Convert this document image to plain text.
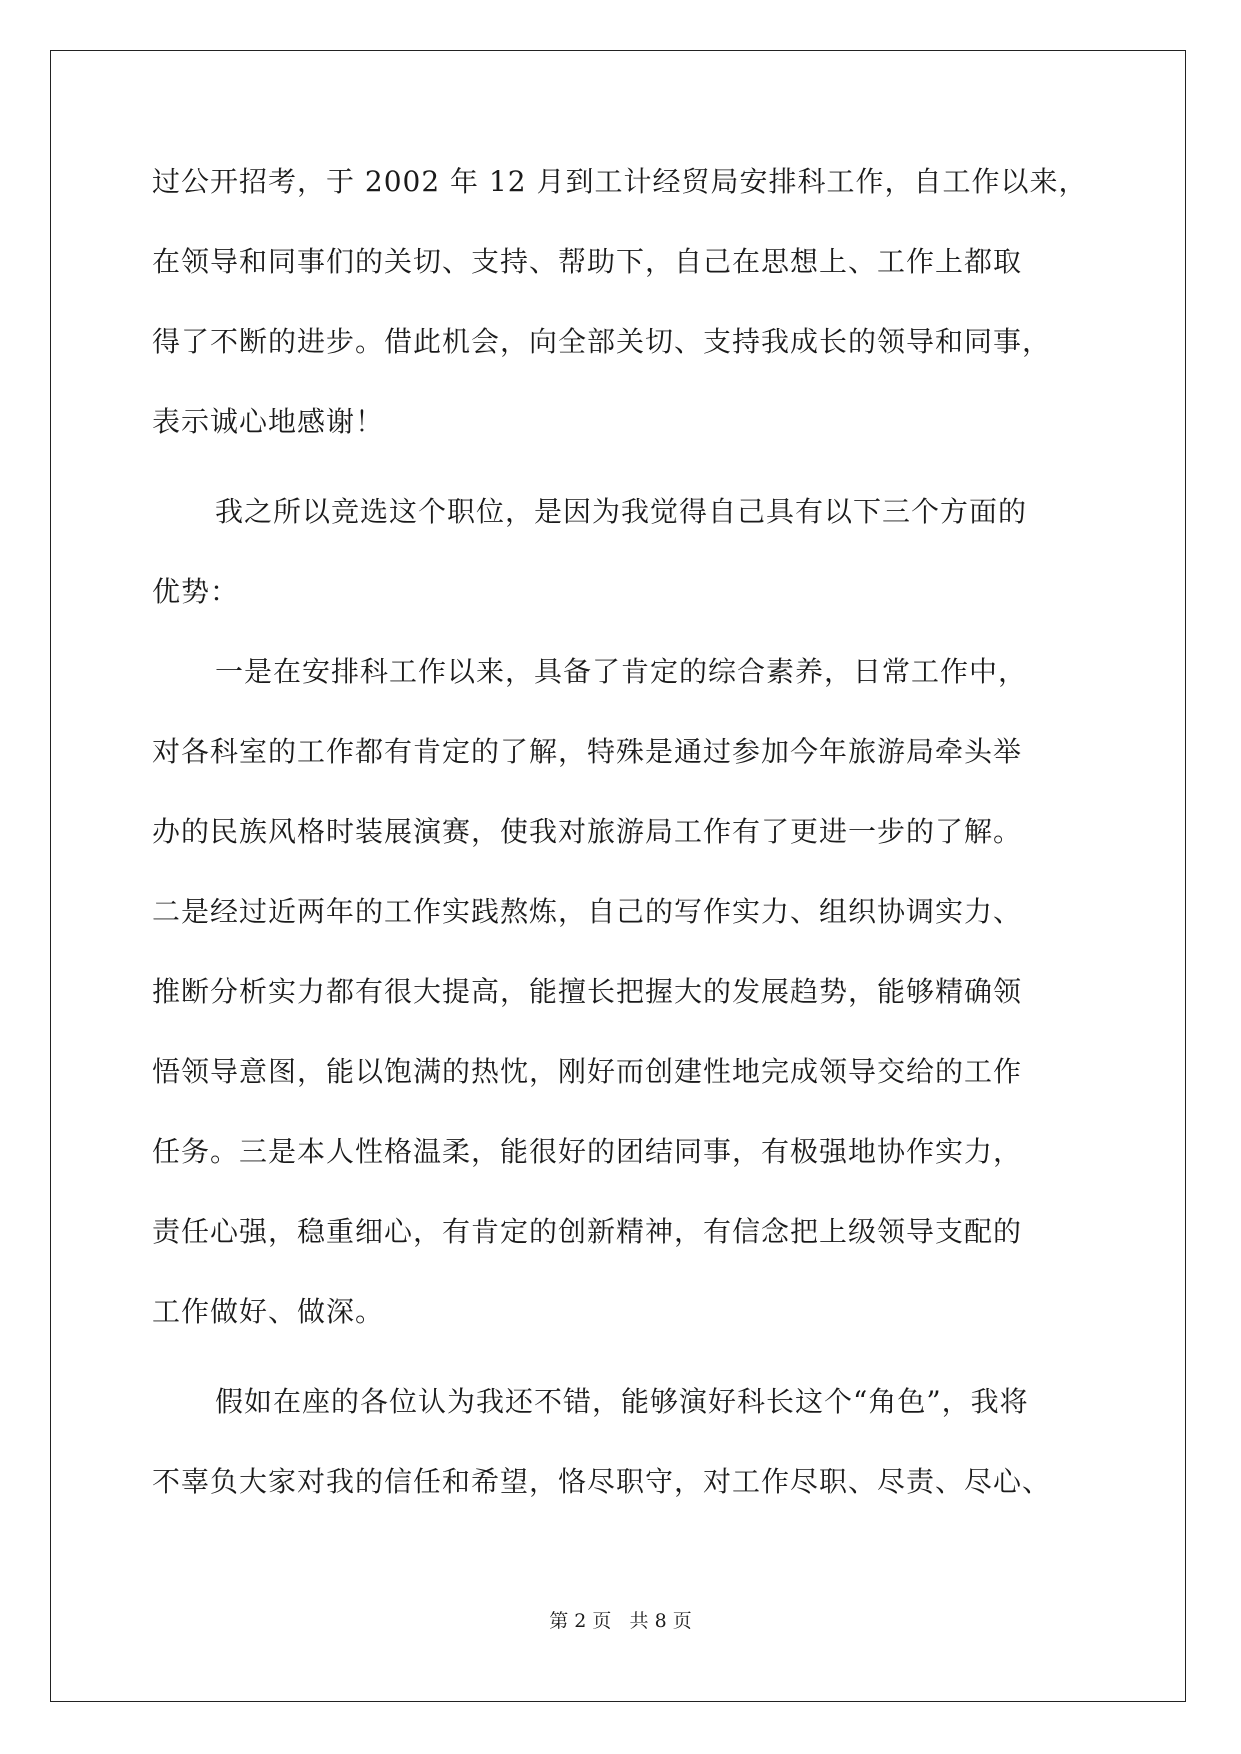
过公开招考，于 2002 年 12 月到工计经贸局安排科工作，自工作以来，
在领导和同事们的关切、支持、帮助下，自己在思想上、工作上都取
得了不断的进步。借此机会，向全部关切、支持我成长的领导和同事，
表示诚心地感谢！
我之所以竞选这个职位，是因为我觉得自己具有以下三个方面的
优势：
一是在安排科工作以来，具备了肯定的综合素养，日常工作中，
对各科室的工作都有肯定的了解，特殊是通过参加今年旅游局牵头举
办的民族风格时装展演赛，使我对旅游局工作有了更进一步的了解。
二是经过近两年的工作实践熬炼，自己的写作实力、组织协调实力、
推断分析实力都有很大提高，能擅长把握大的发展趋势，能够精确领
悟领导意图，能以饱满的热忱，刚好而创建性地完成领导交给的工作
任务。三是本人性格温柔，能很好的团结同事，有极强地协作实力，
责任心强，稳重细心，有肯定的创新精神，有信念把上级领导支配的
工作做好、做深。
假如在座的各位认为我还不错，能够演好科长这个“角色”，我将
不辜负大家对我的信任和希望，恪尽职守，对工作尽职、尽责、尽心、
第 2 页   共 8 页
